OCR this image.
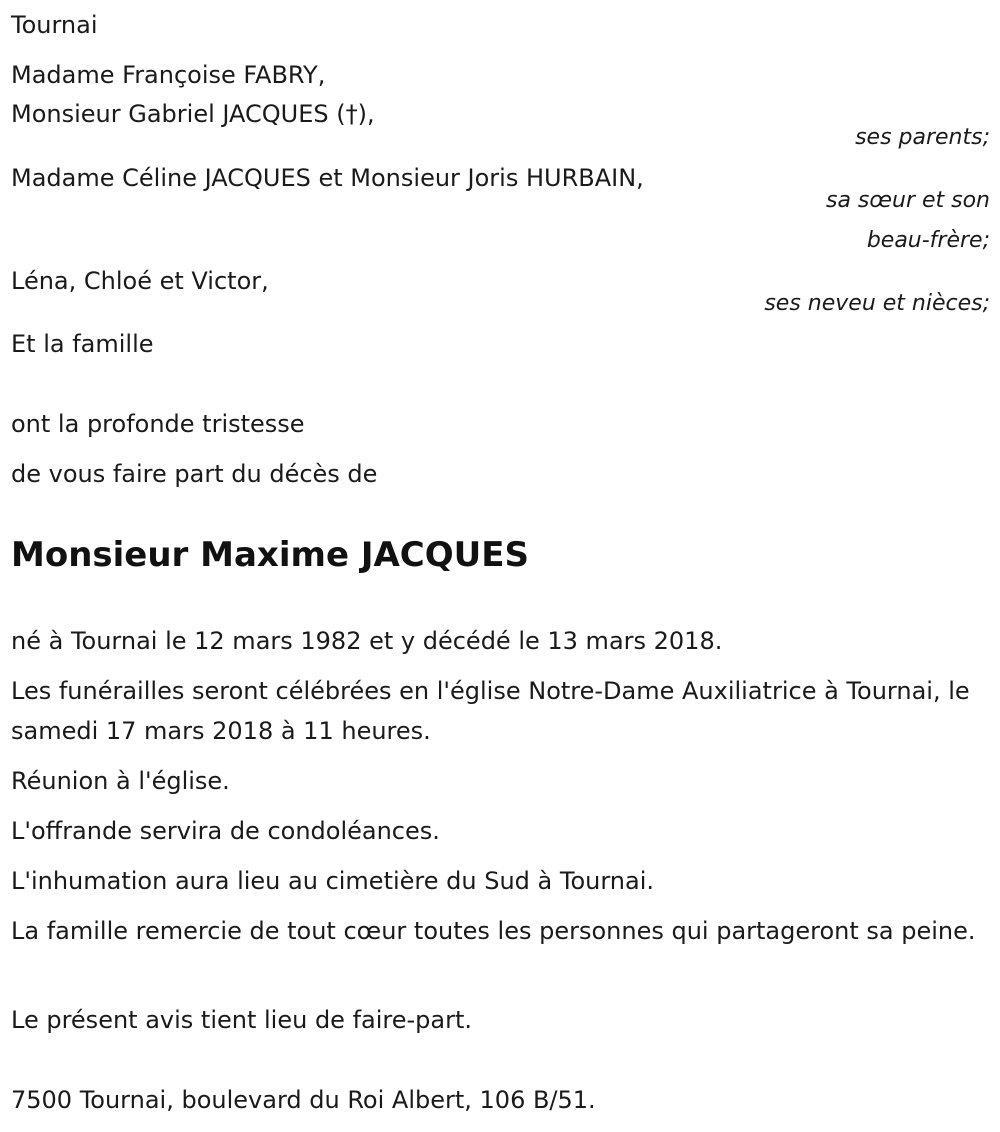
Tournai

Madame Françoise FABRY,

Monsieur Gabriel JACQUES (†),

ses parents;

Madame Céline JACQUES et Monsieur Joris HURBAIN,

sa sœur et son

beau-frère;

Léna, Chloé et Victor,

ses neveu et nièces;

Et la famille

ont la profonde tristesse

de vous faire part du décès de

Monsieur Maxime JACQUES

né à Tournai le 12 mars 1982 et y décédé le 13 mars 2018.

Les funérailles seront célébrées en l'église Notre-Dame Auxiliatrice à Tournai, le samedi 17 mars 2018 à 11 heures.

Réunion à l'église.

L'offrande servira de condoléances.

L'inhumation aura lieu au cimetière du Sud à Tournai.

La famille remercie de tout cœur toutes les personnes qui partageront sa peine.

Le présent avis tient lieu de faire-part.

7500 Tournai, boulevard du Roi Albert, 106 B/51.
